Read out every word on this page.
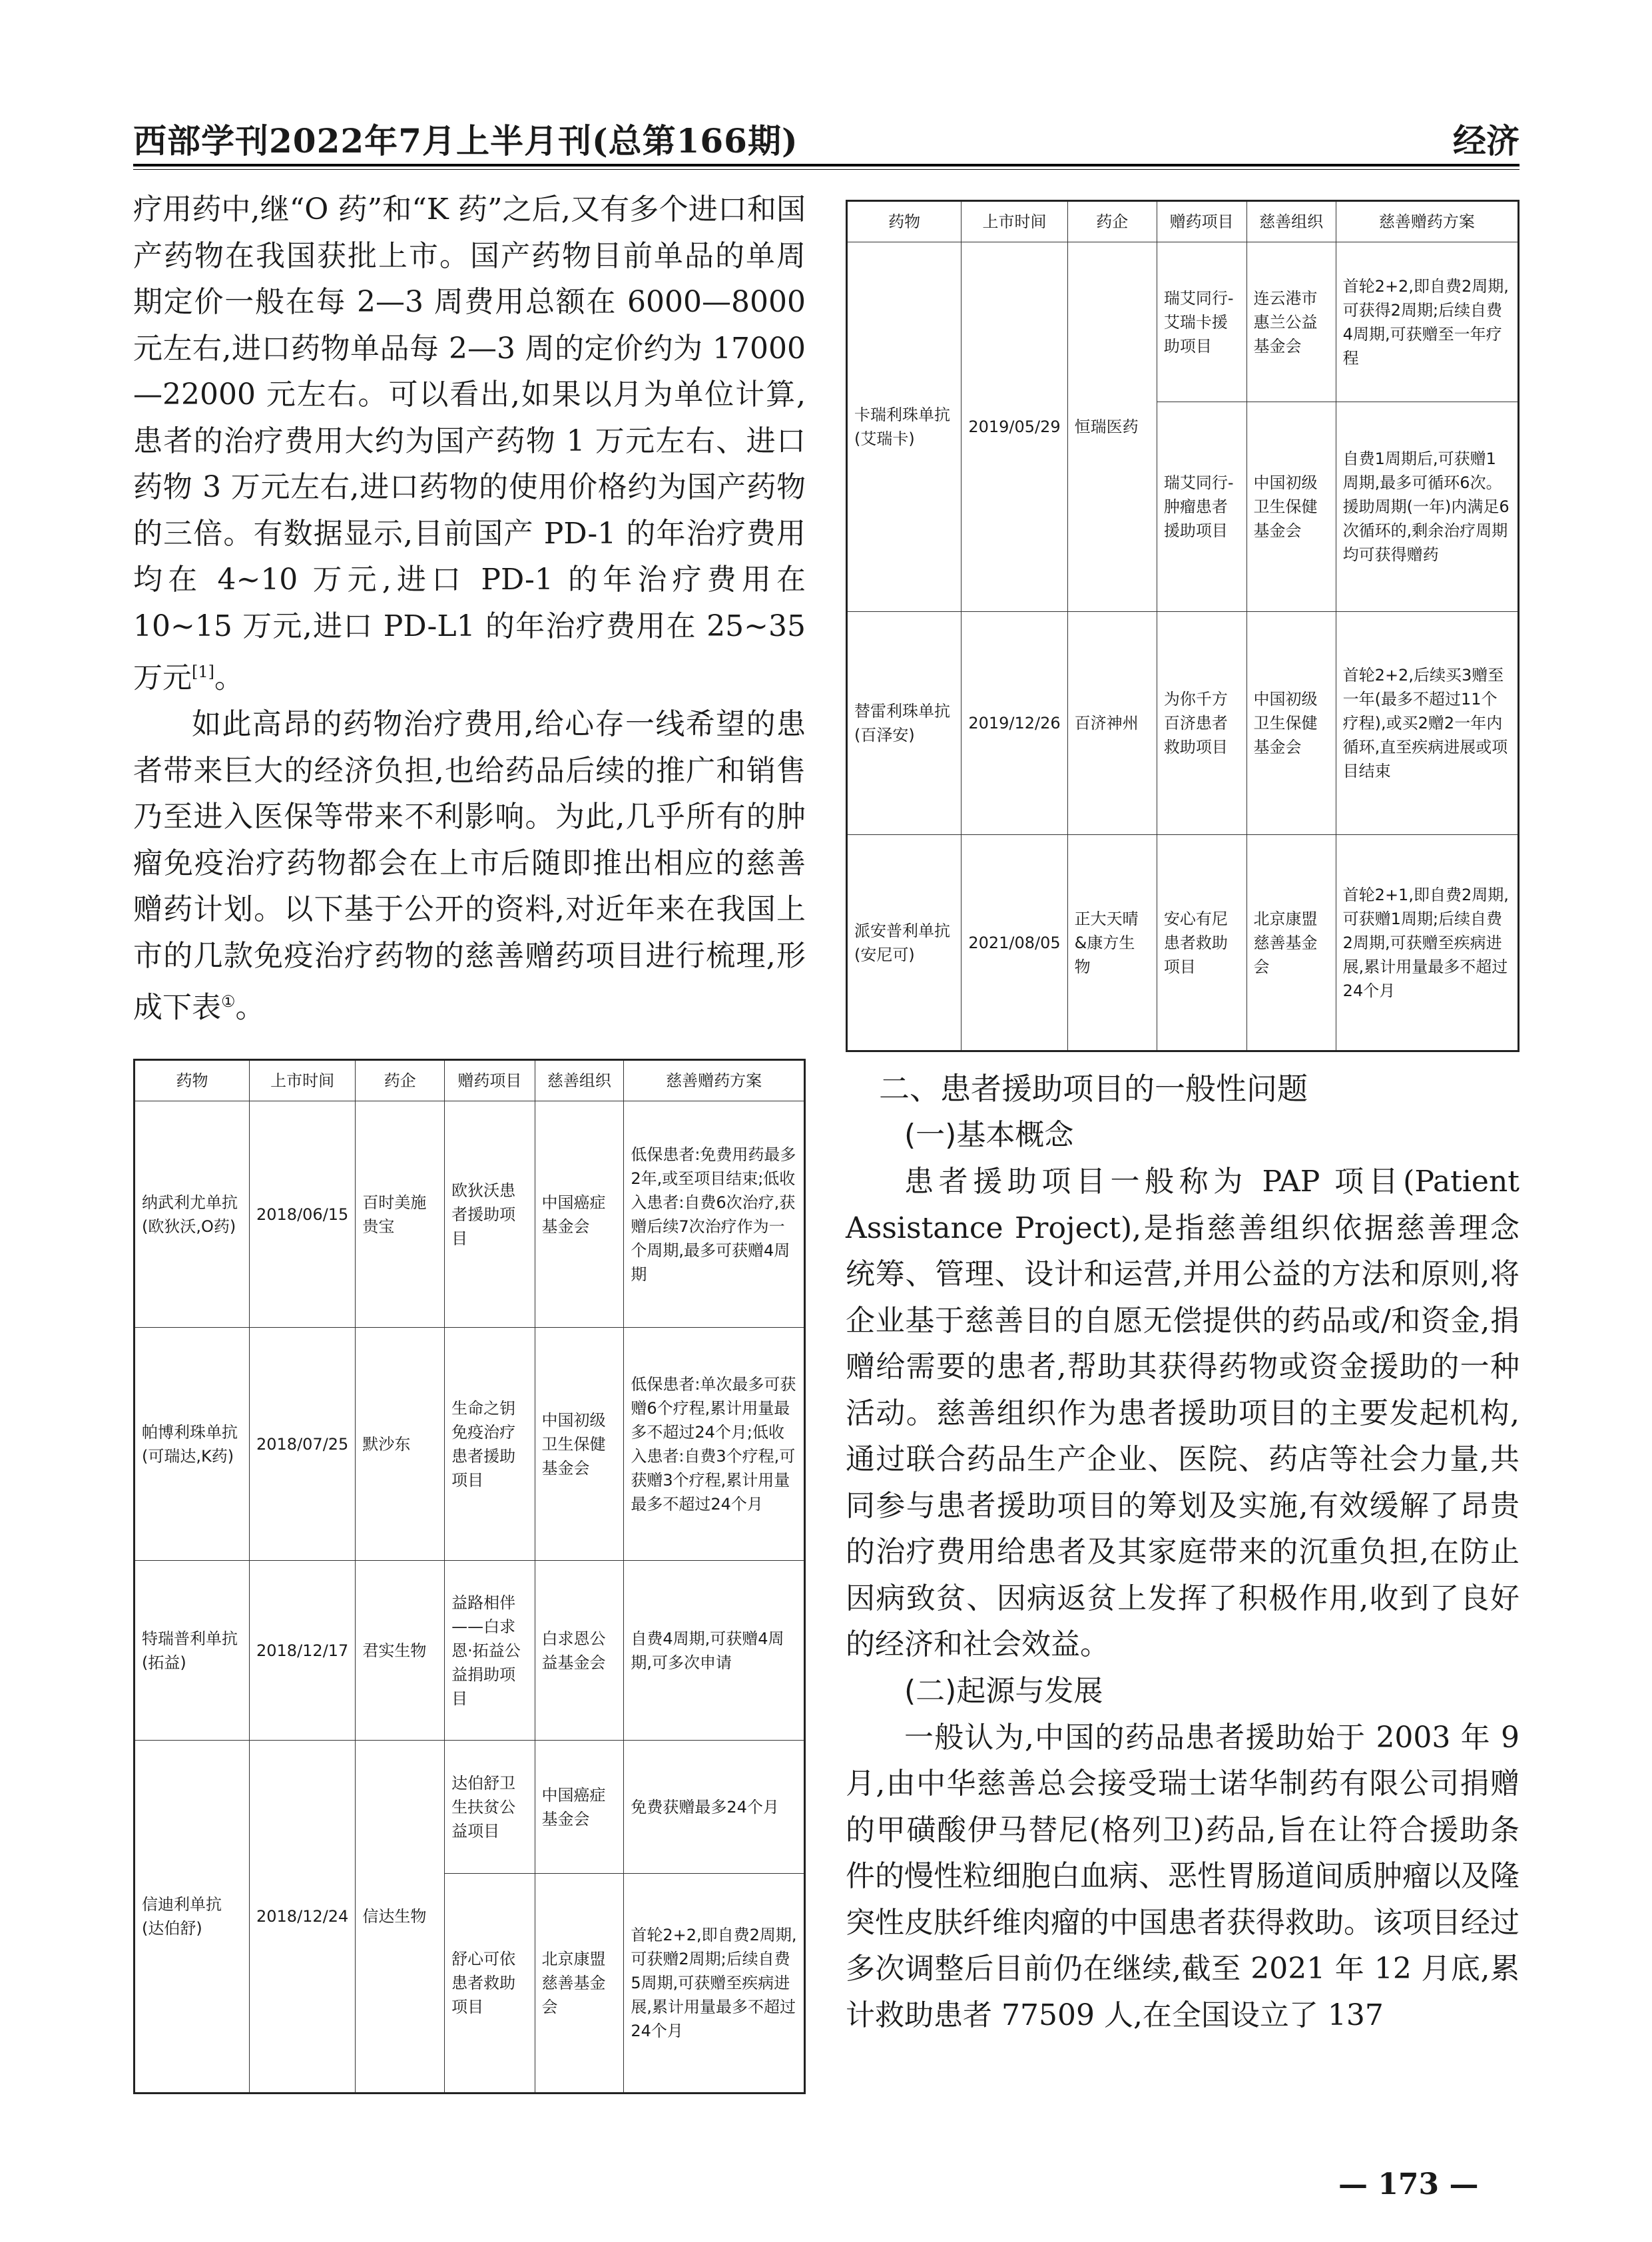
西部学刊2022年7月上半月刊(总第166期)	经济

疗用药中,继“O 药”和“K 药”之后,又有多个进口和国产药物在我国获批上市。国产药物目前单品的单周期定价一般在每 2—3 周费用总额在 6000—8000 元左右,进口药物单品每 2—3 周的定价约为 17000—22000 元左右。可以看出,如果以月为单位计算,患者的治疗费用大约为国产药物 1 万元左右、进口药物 3 万元左右,进口药物的使用价格约为国产药物的三倍。有数据显示,目前国产 PD-1 的年治疗费用均在 4~10 万元,进口 PD-1 的年治疗费用在 10~15 万元,进口 PD-L1 的年治疗费用在 25~35 万元[1]。

如此高昂的药物治疗费用,给心存一线希望的患者带来巨大的经济负担,也给药品后续的推广和销售乃至进入医保等带来不利影响。为此,几乎所有的肿瘤免疫治疗药物都会在上市后随即推出相应的慈善赠药计划。以下基于公开的资料,对近年来在我国上市的几款免疫治疗药物的慈善赠药项目进行梳理,形成下表①。

药物	上市时间	药企	赠药项目	慈善组织	慈善赠药方案
纳武利尤单抗(欧狄沃,O药)	2018/06/15	百时美施贵宝	欧狄沃患者援助项目	中国癌症基金会	低保患者:免费用药最多2年,或至项目结束;低收入患者:自费6次治疗,获赠后续7次治疗作为一个周期,最多可获赠4周期
帕博利珠单抗(可瑞达,K药)	2018/07/25	默沙东	生命之钥免疫治疗患者援助项目	中国初级卫生保健基金会	低保患者:单次最多可获赠6个疗程,累计用量最多不超过24个月;低收入患者:自费3个疗程,可获赠3个疗程,累计用量最多不超过24个月
特瑞普利单抗(拓益)	2018/12/17	君实生物	益路相伴——白求恩·拓益公益捐助项目	白求恩公益基金会	自费4周期,可获赠4周期,可多次申请
信迪利单抗(达伯舒)	2018/12/24	信达生物	达伯舒卫生扶贫公益项目	中国癌症基金会	免费获赠最多24个月
			舒心可依患者救助项目	北京康盟慈善基金会	首轮2+2,即自费2周期,可获赠2周期;后续自费5周期,可获赠至疾病进展,累计用量最多不超过24个月
药物	上市时间	药企	赠药项目	慈善组织	慈善赠药方案
卡瑞利珠单抗(艾瑞卡)	2019/05/29	恒瑞医药	瑞艾同行-艾瑞卡援助项目	连云港市惠兰公益基金会	首轮2+2,即自费2周期,可获得2周期;后续自费4周期,可获赠至一年疗程
			瑞艾同行-肿瘤患者援助项目	中国初级卫生保健基金会	自费1周期后,可获赠1周期,最多可循环6次。援助周期(一年)内满足6次循环的,剩余治疗周期均可获得赠药
替雷利珠单抗(百泽安)	2019/12/26	百济神州	为你千方百济患者救助项目	中国初级卫生保健基金会	首轮2+2,后续买3赠至一年(最多不超过11个疗程),或买2赠2一年内循环,直至疾病进展或项目结束
派安普利单抗(安尼可)	2021/08/05	正大天晴&康方生物	安心有尼患者救助项目	北京康盟慈善基金会	首轮2+1,即自费2周期,可获赠1周期;后续自费2周期,可获赠至疾病进展,累计用量最多不超过24个月

二、患者援助项目的一般性问题

(一)基本概念

患者援助项目一般称为 PAP 项目(Patient Assistance Project),是指慈善组织依据慈善理念统筹、管理、设计和运营,并用公益的方法和原则,将企业基于慈善目的自愿无偿提供的药品或/和资金,捐赠给需要的患者,帮助其获得药物或资金援助的一种活动。慈善组织作为患者援助项目的主要发起机构,通过联合药品生产企业、医院、药店等社会力量,共同参与患者援助项目的筹划及实施,有效缓解了昂贵的治疗费用给患者及其家庭带来的沉重负担,在防止因病致贫、因病返贫上发挥了积极作用,收到了良好的经济和社会效益。

(二)起源与发展

一般认为,中国的药品患者援助始于 2003 年 9 月,由中华慈善总会接受瑞士诺华制药有限公司捐赠的甲磺酸伊马替尼(格列卫)药品,旨在让符合援助条件的慢性粒细胞白血病、恶性胃肠道间质肿瘤以及隆突性皮肤纤维肉瘤的中国患者获得救助。该项目经过多次调整后目前仍在继续,截至 2021 年 12 月底,累计救助患者 77509 人,在全国设立了 137

— 173 —
